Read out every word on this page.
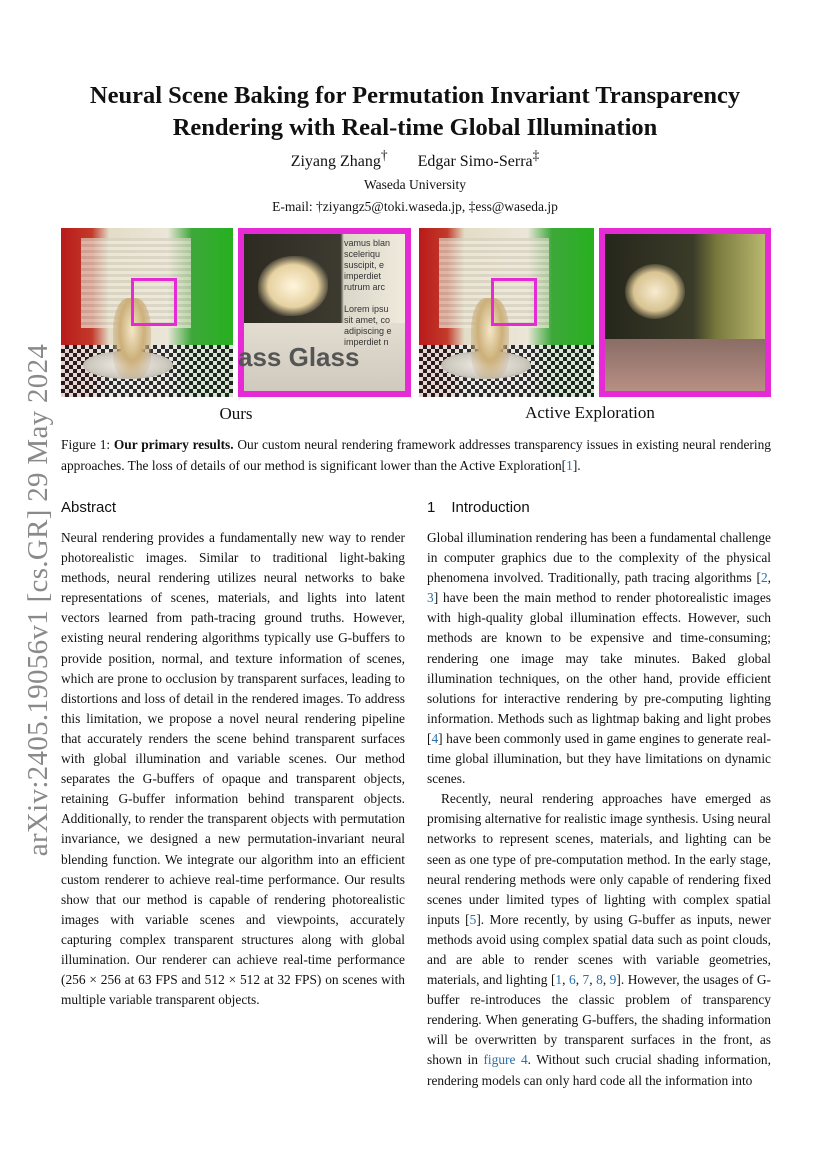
arXiv:2405.19056v1 [cs.GR] 29 May 2024
Neural Scene Baking for Permutation Invariant Transparency
Rendering with Real-time Global Illumination
Ziyang Zhang† Edgar Simo-Serra‡
Waseda University
E-mail: †ziyangz5@toki.waseda.jp, ‡ess@waseda.jp
vamus blan
sceleriqu
suscipit, e
imperdiet
rutrum arc

Lorem ipsu
sit amet, co
adipiscing e
imperdiet n
ass Glass
Ours	Active Exploration
Figure 1: Our primary results. Our custom neural rendering framework addresses transparency issues in existing neural rendering approaches. The loss of details of our method is significant lower than the Active Exploration[1].
Abstract

Neural rendering provides a fundamentally new way to render photorealistic images. Similar to traditional light-baking methods, neural rendering utilizes neural networks to bake representations of scenes, materials, and lights into latent vectors learned from path-tracing ground truths. However, existing neural rendering algorithms typically use G-buffers to provide position, normal, and texture information of scenes, which are prone to occlusion by transparent surfaces, leading to distortions and loss of detail in the rendered images. To address this limitation, we propose a novel neural rendering pipeline that accurately renders the scene behind transparent surfaces with global illumination and variable scenes. Our method separates the G-buffers of opaque and transparent objects, retaining G-buffer information behind transparent objects. Additionally, to render the transparent objects with permutation invariance, we designed a new permutation-invariant neural blending function. We integrate our algorithm into an efficient custom renderer to achieve real-time performance. Our results show that our method is capable of rendering photorealistic images with variable scenes and viewpoints, accurately capturing complex transparent structures along with global illumination. Our renderer can achieve real-time performance (256 × 256 at 63 FPS and 512 × 512 at 32 FPS) on scenes with multiple variable transparent objects.

1 Introduction

Global illumination rendering has been a fundamental challenge in computer graphics due to the complexity of the physical phenomena involved. Traditionally, path tracing algorithms [2, 3] have been the main method to render photorealistic images with high-quality global illumination effects. However, such methods are known to be expensive and time-consuming; rendering one image may take minutes. Baked global illumination techniques, on the other hand, provide efficient solutions for interactive rendering by pre-computing lighting information. Methods such as lightmap baking and light probes [4] have been commonly used in game engines to generate real-time global illumination, but they have limitations on dynamic scenes.

Recently, neural rendering approaches have emerged as promising alternative for realistic image synthesis. Using neural networks to represent scenes, materials, and lighting can be seen as one type of pre-computation method. In the early stage, neural rendering methods were only capable of rendering fixed scenes under limited types of lighting with complex spatial inputs [5]. More recently, by using G-buffer as inputs, newer methods avoid using complex spatial data such as point clouds, and are able to render scenes with variable geometries, materials, and lighting [1, 6, 7, 8, 9]. However, the usages of G-buffer re-introduces the classic problem of transparency rendering. When generating G-buffers, the shading information will be overwritten by transparent surfaces in the front, as shown in figure 4. Without such crucial shading information, rendering models can only hard code all the information into
